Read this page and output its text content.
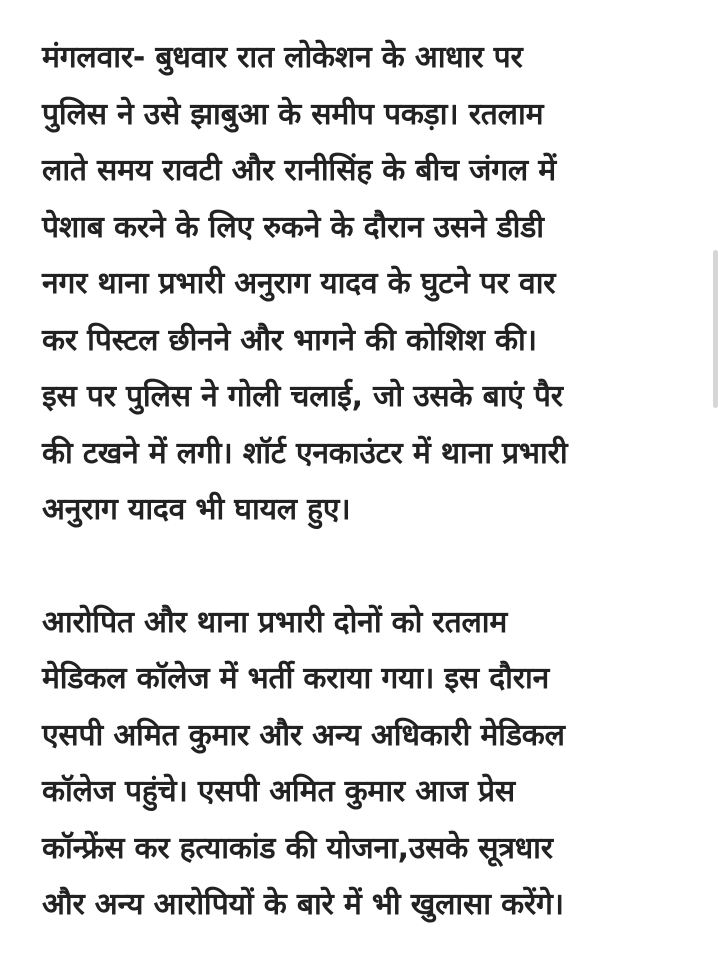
मंगलवार- बुधवार रात लोकेशन के आधार पर
पुलिस ने उसे झाबुआ के समीप पकड़ा। रतलाम
लाते समय रावटी और रानीसिंह के बीच जंगल में
पेशाब करने के लिए रुकने के दौरान उसने डीडी
नगर थाना प्रभारी अनुराग यादव के घुटने पर वार
कर पिस्टल छीनने और भागने की कोशिश की।
इस पर पुलिस ने गोली चलाई, जो उसके बाएं पैर
की टखने में लगी। शॉर्ट एनकाउंटर में थाना प्रभारी
अनुराग यादव भी घायल हुए।

आरोपित और थाना प्रभारी दोनों को रतलाम
मेडिकल कॉलेज में भर्ती कराया गया। इस दौरान
एसपी अमित कुमार और अन्य अधिकारी मेडिकल
कॉलेज पहुंचे। एसपी अमित कुमार आज प्रेस
कॉन्फ्रेंस कर हत्याकांड की योजना,उसके सूत्रधार
और अन्य आरोपियों के बारे में भी खुलासा करेंगे।
